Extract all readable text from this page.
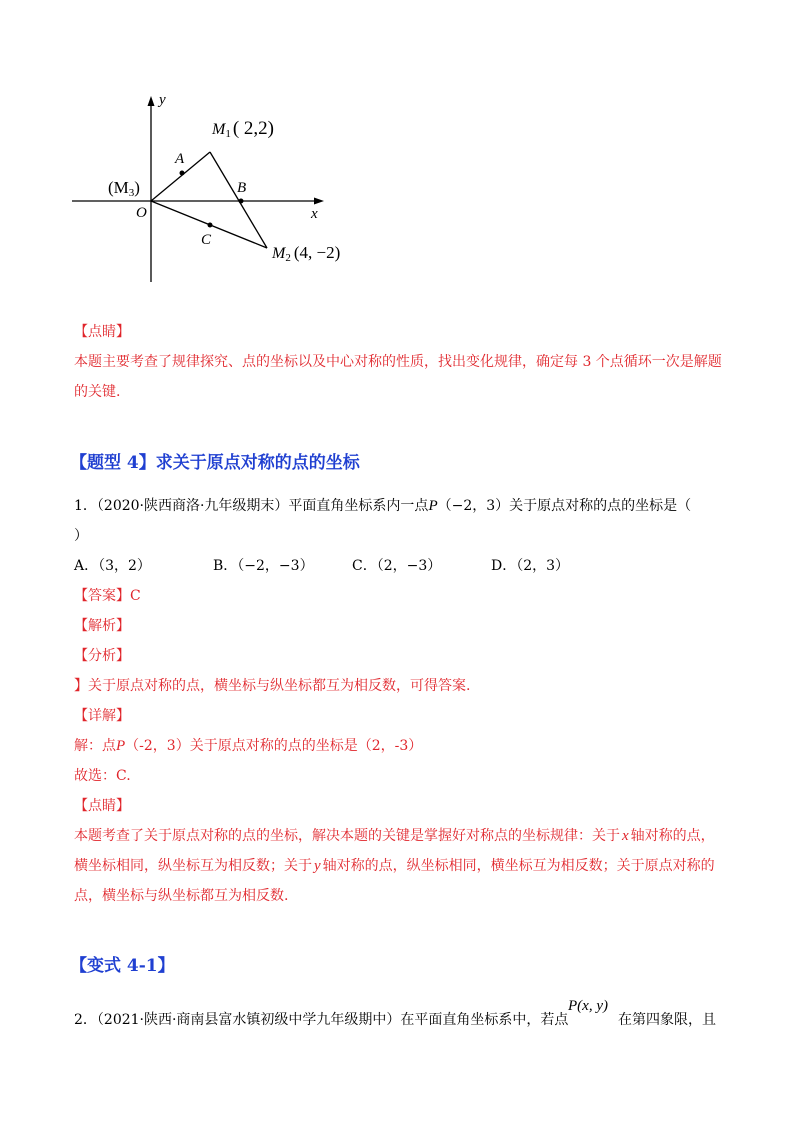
y
x
O
A
B
C
M1 ( 2,2)
M2 (4, −2)
(M3)
【点睛】
本题主要考查了规律探究、点的坐标以及中心对称的性质，找出变化规律，确定每 3 个点循环一次是解题
的关键.
【题型 4】求关于原点对称的点的坐标
1．（2020·陕西商洛·九年级期末）平面直角坐标系内一点P（−2，3）关于原点对称的点的坐标是（
）
A．（3，2）	B．（−2，−3）	C．（2，−3）	D．（2，3）
【答案】C
【解析】
【分析】
】关于原点对称的点，横坐标与纵坐标都互为相反数，可得答案.
【详解】
解：点P（-2，3）关于原点对称的点的坐标是（2，-3）
故选：C.
【点睛】
本题考查了关于原点对称的点的坐标，解决本题的关键是掌握好对称点的坐标规律：关于 x 轴对称的点，
横坐标相同，纵坐标互为相反数；关于 y 轴对称的点，纵坐标相同，横坐标互为相反数；关于原点对称的
点，横坐标与纵坐标都互为相反数.
【变式 4-1】
2．（2021·陕西·商南县富水镇初级中学九年级期中）在平面直角坐标系中，若点
P(x, y)
在第四象限，且
